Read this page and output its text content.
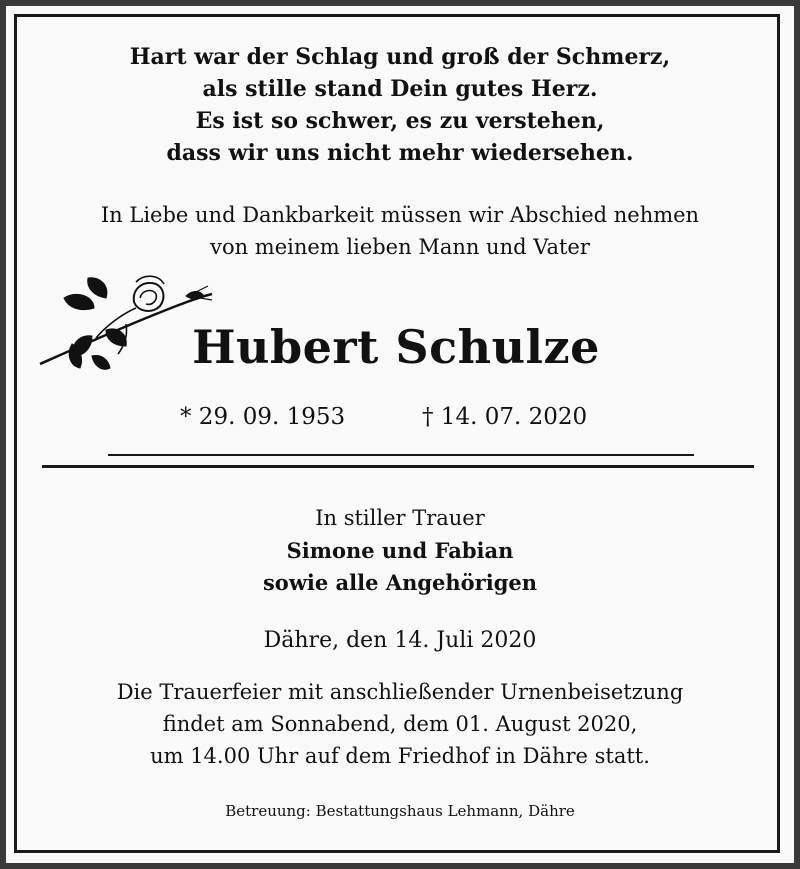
Hart war der Schlag und groß der Schmerz,
als stille stand Dein gutes Herz.
Es ist so schwer, es zu verstehen,
dass wir uns nicht mehr wiedersehen.
In Liebe und Dankbarkeit müssen wir Abschied nehmen
von meinem lieben Mann und Vater
Hubert Schulze
* 29. 09. 1953	† 14. 07. 2020
In stiller Trauer
Simone und Fabian
sowie alle Angehörigen
Dähre, den 14. Juli 2020
Die Trauerfeier mit anschließender Urnenbeisetzung
findet am Sonnabend, dem 01. August 2020,
um 14.00 Uhr auf dem Friedhof in Dähre statt.
Betreuung: Bestattungshaus Lehmann, Dähre
